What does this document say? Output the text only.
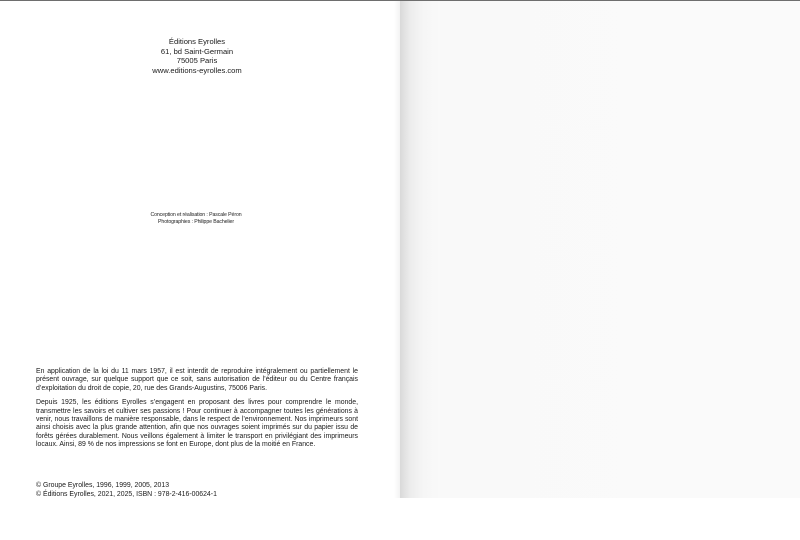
Éditions Eyrolles
61, bd Saint-Germain
75005 Paris
www.editions-eyrolles.com
Conception et réalisation : Pascale Péron
Photographies : Philippe Bachelier

En application de la loi du 11 mars 1957, il est interdit de reproduire intégralement ou partiellement le présent ouvrage, sur quelque support que ce soit, sans autorisation de l’éditeur ou du Centre français d’exploitation du droit de copie, 20, rue des Grands-Augustins, 75006 Paris.

Depuis 1925, les éditions Eyrolles s’engagent en proposant des livres pour comprendre le monde, transmettre les savoirs et cultiver ses passions ! Pour continuer à accompagner toutes les générations à venir, nous travaillons de manière responsable, dans le respect de l’environnement. Nos imprimeurs sont ainsi choisis avec la plus grande attention, afin que nos ouvrages soient imprimés sur du papier issu de forêts gérées durablement. Nous veillons également à limiter le transport en privilégiant des imprimeurs locaux. Ainsi, 89 % de nos impressions se font en Europe, dont plus de la moitié en France.

© Groupe Eyrolles, 1996, 1999, 2005, 2013
© Éditions Eyrolles, 2021, 2025, ISBN : 978-2-416-00624-1
